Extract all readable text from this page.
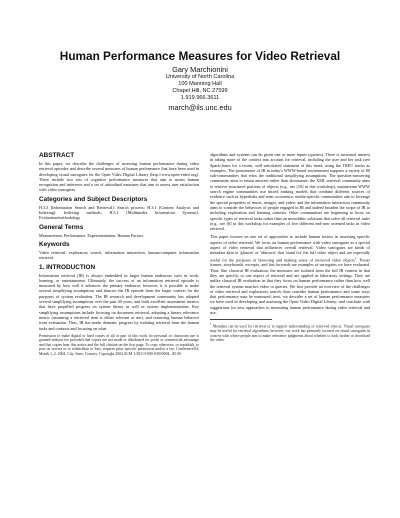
Human Performance Measures for Video Retrieval
Gary Marchionini
University of North Carolina
100 Manning Hall
Chapel Hill, NC 27599
1.919.966.3611
march@ils.unc.edu
ABSTRACT

In this paper, we describe the challenges of assessing human performance during video retrieval episodes and describe several measures of human performance that have been used in developing visual surrogates for the Open Video Digital Library (http://www.open-video.org). These include two sets of cognitive performance measures that aim to assess human recognition and inference and a set of attitudinal measures that aim to assess user satisfaction with video surrogates.

Categories and Subject Descriptors

H.3.3 [Information Search and Retrieval]: Search process; H.3.1 [Content Analysis and Indexing]: Indexing methods; H.5.1 [Multimedia Information Systems]: Evaluation/methodology

General Terms

Measurement, Performance, Experimentation, Human Factors.

Keywords

Video retrieval, exploratory search, information interaction, human-computer information retrieval.

1. INTRODUCTION

Information retrieval (IR) is always embedded in larger human endeavors such as work, learning, or entertainment. Ultimately, the success of an information retrieval episode is measured by how well it advances the primary endeavor, however, it is possible to make several simplifying assumptions and abstract the IR episode from the larger context for the purposes of system evaluation. The IR research and development community has adopted several simplifying assumptions over the past 40 years, and built excellent assessment metrics that have propelled progress on system theory as well as system implementations. Key simplifying assumptions include focusing on document retrieval, adopting a binary relevance metric (assuming a retrieved item is either relevant or not), and removing human behavior from evaluation. Thus, IR has made dramatic progress by isolating retrieval from the human tasks and contexts and focusing on what

Permission to make digital or hard copies of all or part of this work for personal or classroom use is granted without fee provided that copies are not made or distributed for profit or commercial advantage and that copies bear this notice and the full citation on the first page. To copy otherwise, or republish, to post on servers or to redistribute to lists, requires prior specific permission and/or a fee. Conference'04, Month 1–2, 2004, City, State, Country. Copyright 2004 ACM 1-58113-000-0/00/0004...$5.00.

algorithms and systems can do given one or more inputs (queries). There is increased interest in taking more of the context into account for retrieval, including the user and her task (see Spark-Jones for a recent, well-articulated statement of this trend, using the TREC tracks as examples. The prominence of IR in today's WWW-based environment supports a variety of IR sub-communities that relax the traditional simplifying assumptions. The question-answering community aims to return answers rather than documents; the XML retrieval community aims to retrieve structured portions of objects (e.g., see [16] in this workshop); mainstream WWW search engine communities use mixed ranking models that combine different sources of evidence such as hyperlinks and term occurrence; media-specific communities aim to leverage the special properties of music, images, and video; and the information interaction community aims to consider the behaviors of people engaged in IR and indeed broaden the scope of IR to including exploration and learning contexts. Other communities are beginning to focus on specific types of retrieval tasks rather than on monolithic solutions that solve all retrieval tasks (e.g., see [6] in this workshop for examples of five different end-user oriented tasks in video retrieval.

This paper focuses on one set of approaches to include human factors in assessing specific aspects of video retrieval. We focus on human performance with video surrogates as a special aspect of video retrieval that influences overall retrieval. Video surrogates are kinds of metadata akin to 'glances' or 'abstracts' that 'stand for' the full video object and are especially useful for the purposes of browsing and making sense of retrieved video objects$^1$. Poster frames, storyboards, excerpts, and fast forwards are examples of surrogates we have evaluated. Thus, like classical IR evaluation, the measures are isolated from the full IR context in that they are specific to one aspect of retrieval and are applied in laboratory settings. They are unlike classical IR evaluation in that they focus on human performance rather than how well the retrieval system matches video to queries. We first provide an overview of the challenges of video retrieval and exploratory search; then consider human performance and some ways that performance may be measured; next, we describe a set of human performance measures we have used in developing and assessing the Open Video Digital Library; and conclude with suggestions for new approaches to measuring human performance during video retrieval and use.

$^1$ Metadata can be used for retrieval or to support understanding of retrieved objects. Visual surrogates may be useful for retrieval algorithms, however, our work has primarily focused on visual surrogates in concert with where people aim to make relevance judgments about whether to look further or download the video.
